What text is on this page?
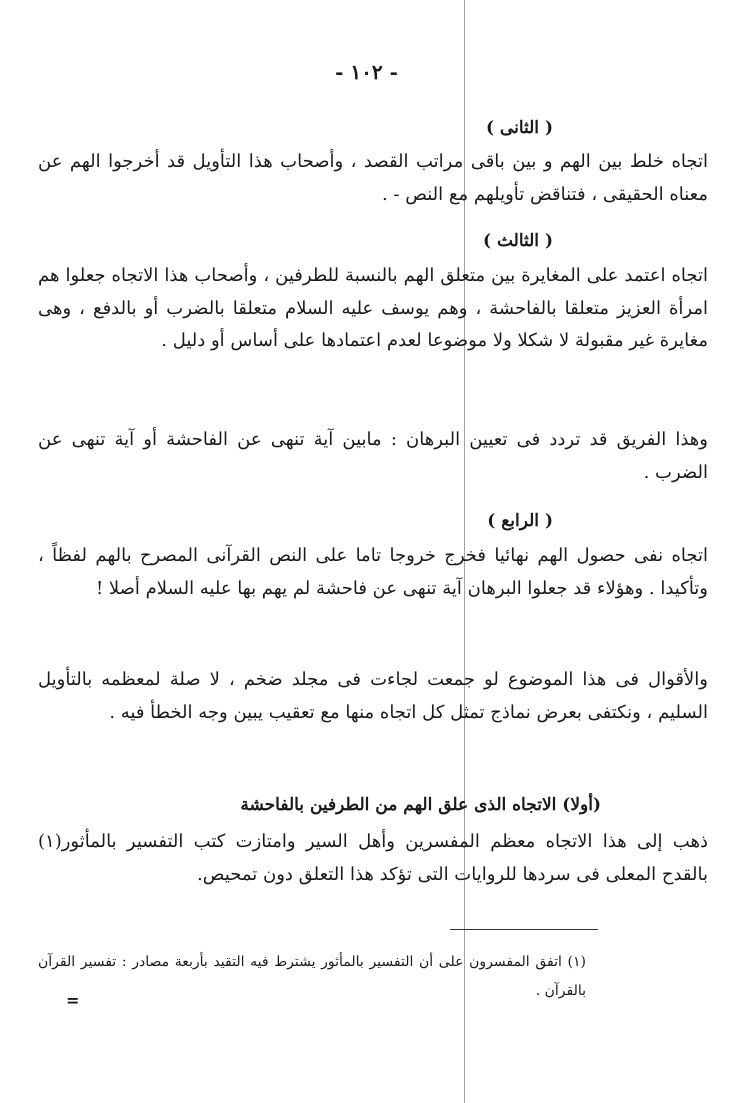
- ١٠٢ -
( الثانى )
اتجاه خلط بين الهم و بين باقى مراتب القصد ، وأصحاب هذا التأويل قد أخرجوا الهم عن معناه الحقيقى ، فتناقض تأويلهم مع النص - .
( الثالث )
اتجاه اعتمد على المغايرة بين متعلق الهم بالنسبة للطرفين ، وأصحاب هذا الاتجاه جعلوا هم امرأة العزيز متعلقا بالفاحشة ، وهم يوسف عليه السلام متعلقا بالضرب أو بالدفع ، وهى مغايرة غير مقبولة لا شكلا ولا موضوعا لعدم اعتمادها على أساس أو دليل .
وهذا الفريق قد تردد فى تعيين البرهان : مابين آية تنهى عن الفاحشة أو آية تنهى عن الضرب .
( الرابع )
اتجاه نفى حصول الهم نهائيا فخرج خروجا تاما على النص القرآنى المصرح بالهم لفظاً ، وتأكيدا . وهؤلاء قد جعلوا البرهان آية تنهى عن فاحشة لم يهم بها عليه السلام أصلا !
والأقوال فى هذا الموضوع لو جمعت لجاءت فى مجلد ضخم ، لا صلة لمعظمه بالتأويل السليم ، ونكتفى بعرض نماذج تمثل كل اتجاه منها مع تعقيب يبين وجه الخطأ فيه .
(أولا) الاتجاه الذى علق الهم من الطرفين بالفاحشة
ذهب إلى هذا الاتجاه معظم المفسرين وأهل السير وامتازت كتب التفسير بالمأثور(١) بالقدح المعلى فى سردها للروايات التى تؤكد هذا التعلق دون تمحيص.
(١) اتفق المفسرون على أن التفسير بالمأثور يشترط فيه التقيد بأربعة مصادر : تفسير القرآن بالقرآن .
=
